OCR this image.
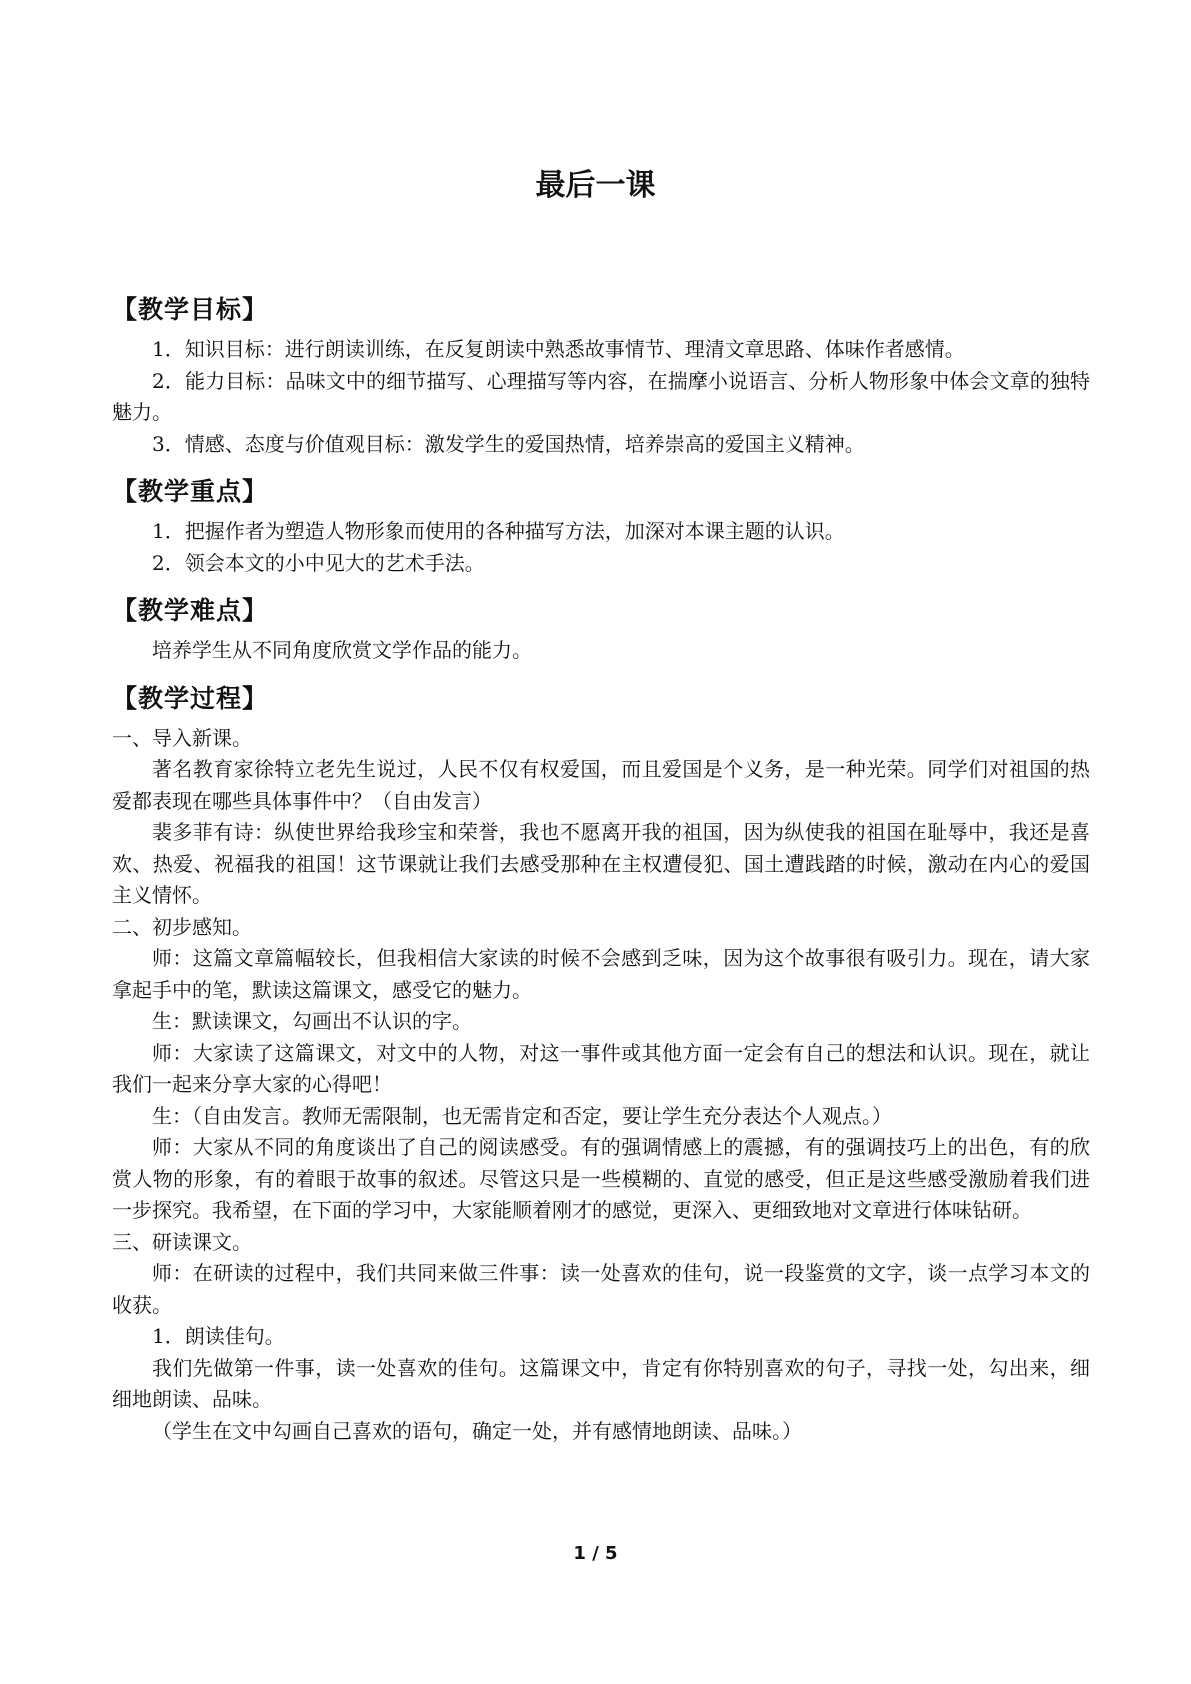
最后一课
【教学目标】

1．知识目标：进行朗读训练，在反复朗读中熟悉故事情节、理清文章思路、体味作者感情。

2．能力目标：品味文中的细节描写、心理描写等内容，在揣摩小说语言、分析人物形象中体会文章的独特魅力。

3．情感、态度与价值观目标：激发学生的爱国热情，培养崇高的爱国主义精神。

【教学重点】

1．把握作者为塑造人物形象而使用的各种描写方法，加深对本课主题的认识。

2．领会本文的小中见大的艺术手法。

【教学难点】

培养学生从不同角度欣赏文学作品的能力。

【教学过程】

一、导入新课。

著名教育家徐特立老先生说过，人民不仅有权爱国，而且爱国是个义务，是一种光荣。同学们对祖国的热爱都表现在哪些具体事件中？（自由发言）

裴多菲有诗：纵使世界给我珍宝和荣誉，我也不愿离开我的祖国，因为纵使我的祖国在耻辱中，我还是喜欢、热爱、祝福我的祖国！这节课就让我们去感受那种在主权遭侵犯、国土遭践踏的时候，激动在内心的爱国主义情怀。

二、初步感知。

师：这篇文章篇幅较长，但我相信大家读的时候不会感到乏味，因为这个故事很有吸引力。现在，请大家拿起手中的笔，默读这篇课文，感受它的魅力。

生：默读课文，勾画出不认识的字。

师：大家读了这篇课文，对文中的人物，对这一事件或其他方面一定会有自己的想法和认识。现在，就让我们一起来分享大家的心得吧！

生：（自由发言。教师无需限制，也无需肯定和否定，要让学生充分表达个人观点。）

师：大家从不同的角度谈出了自己的阅读感受。有的强调情感上的震撼，有的强调技巧上的出色，有的欣赏人物的形象，有的着眼于故事的叙述。尽管这只是一些模糊的、直觉的感受，但正是这些感受激励着我们进一步探究。我希望，在下面的学习中，大家能顺着刚才的感觉，更深入、更细致地对文章进行体味钻研。

三、研读课文。

师：在研读的过程中，我们共同来做三件事：读一处喜欢的佳句，说一段鉴赏的文字，谈一点学习本文的收获。

1．朗读佳句。

我们先做第一件事，读一处喜欢的佳句。这篇课文中，肯定有你特别喜欢的句子，寻找一处，勾出来，细细地朗读、品味。

（学生在文中勾画自己喜欢的语句，确定一处，并有感情地朗读、品味。）

1 / 5
